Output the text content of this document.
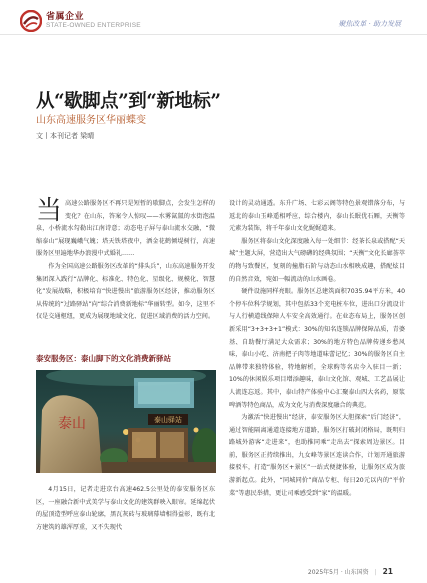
省属企业
STATE-OWNED ENTERPRISE	聚焦改革 · 助力发展
从“歇脚点”到“新地标”
山东高速服务区华丽蝶变
文丨本刊记者 梁晴

当高速公路服务区不再只是短暂的歇脚点，会发生怎样的变化？在山东，答案令人惊叹——水雾氤氲的水街泡温泉，小桥流水勾勒出江南诗意；动态电子屏与泰山流水交融，“微缩泰山”展现巍峨气魄；塔天铁塔夜中，洒金花鹤倾堤树行，高速服务区里遍地华办浪漫中式婚礼……

作为全国高速公路服务区改革的“排头兵”，山东高速服务开发集团深入践行“品牌化、标准化、特色化、星级化、规模化、智慧化”发展战略，积极培育“快进慢出”旅游服务区经济，推动服务区从传统的“过路驿站”向“综合消费新地标”华丽转型。如今，这里不仅是交通枢纽，更成为展现地域文化、促进区域消费的活力空间。

泰安服务区：泰山脚下的文化消费新驿站
泰山驿站
泰山

4月15日，记者走进京台高速462.5公里处的泰安服务区东区，一座融合新中式美学与泰山文化的建筑群映入眼帘。延绵起伏的屋顶造型呼应泰山轮廓，黑瓦灰砖与玻璃幕墙相得益彰，既有北方建筑的雄浑厚重，又不失现代

设计的灵动通透。东升广场、七彩云阁等特色景观错落分布，与返北的泰山玉峰遥相呼应，综合楼内，泰山长眠优石厢，天衡等元素为装饰，将千年泰山文化娓娓道来。

服务区将泰山文化深度融入每一处细节：经茶长泉或搭配“天城”主题大屏，营造出大气磅礴的经典氛围；“天衡”文化长廊荟萃的物与致餐区，复刻的撞脂石阶与动态山水相映成趣，搭配炫目的自然音效，宛如一幅流动的山水画卷。

硬件设施同样亮眼。服务区总建筑面积7035.94平方米，40个停车位科学规划，其中包括33个充电桩车位，进出口分流设计与人行横道线保障人车安全高效通行。在业态布局上，服务区创新采用“3+3+3+1”模式：30%的知名连锁品牌保障品质，青婆基、自助餐厅满足大众需求；30%的地方特色品牌传递乡愁风味，泰山小吃、济南把子肉等地道味蕾记忆；30%的服务区自主品牌带来独特体验，特地解析，全球购等名店今入驻目一新；10%的休闲娱乐项目增添趣味，泰山文化馆、观城、工艺品展让人流连忘返。其中，泰山特产体验中心汇聚泰山四大名药，原浆啤酒等特色商品，成为文化与消费深度融合的典范。

为激活“快进慢出”经济，泰安服务区大胆探索“后门经济”，通过智能隔离通道连接地方道路，服务区打破封闭格局，既明归路城外游客“走进来”，也助推同乘“走出去”探索周边景区。目前，服务区正持续推出，九女峰等景区连读合作，计划开通旅游接驳车，打造“服务区+景区”一站式便捷体验，让服务区成为旅游新起点。此外，“同城同价”商品专柜、每日20元以内的“平价菜”等惠民举措，更让司乘感受到“家”的温暖。

2025年5月 · 山东国资 | 21
